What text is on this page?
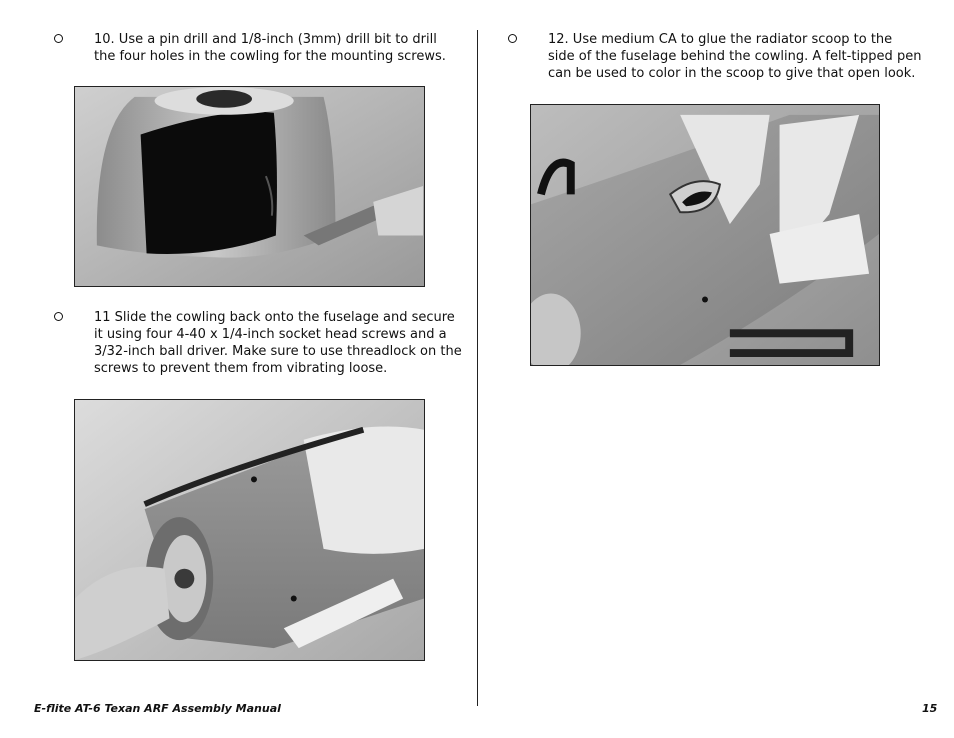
10. Use a pin drill and 1/8-inch (3mm) drill bit to drill
the four holes in the cowling for the mounting screws.
11 Slide the cowling back onto the fuselage and secure
it using four 4-40 x 1/4-inch socket head screws and a
3/32-inch ball driver. Make sure to use threadlock on the
screws to prevent them from vibrating loose.
12. Use medium CA to glue the radiator scoop to the
side of the fuselage behind the cowling. A felt-tipped pen
can be used to color in the scoop to give that open look.
E-flite AT-6 Texan ARF Assembly Manual	15
